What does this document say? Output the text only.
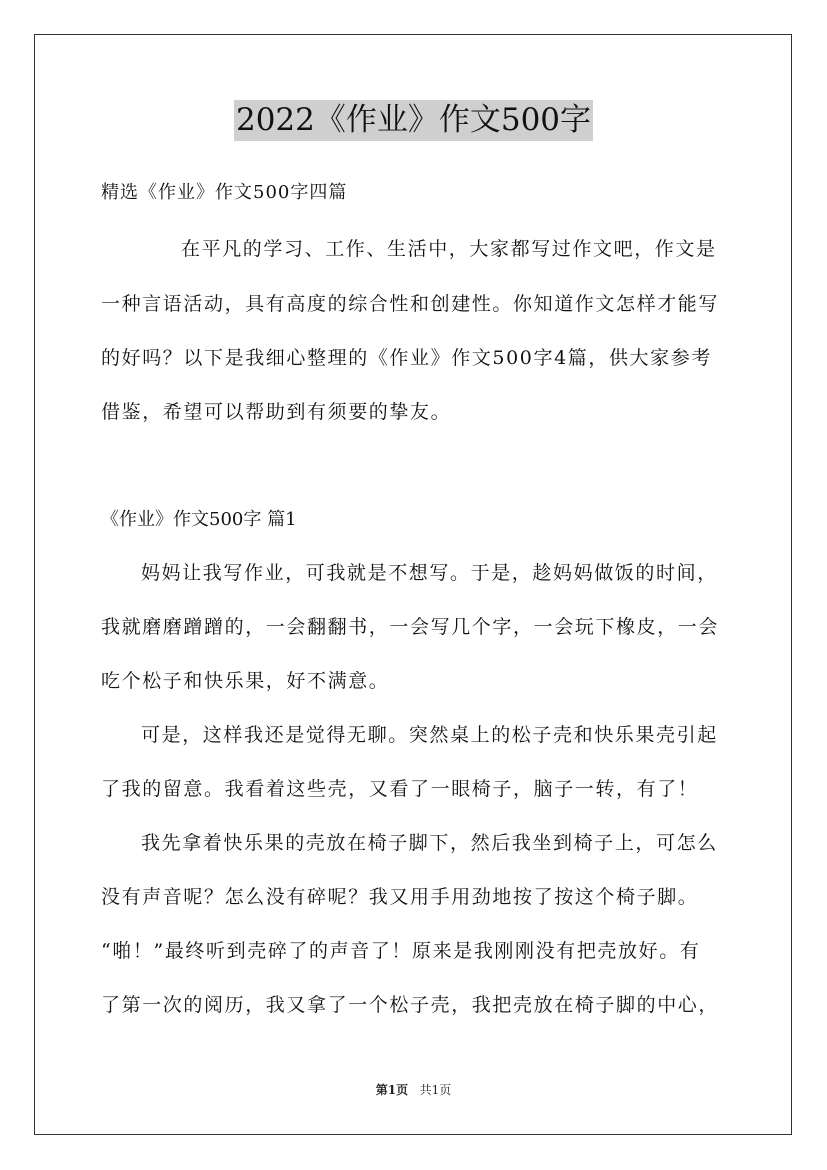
2022《作业》作文500字
精选《作业》作文500字四篇
在平凡的学习、工作、生活中，大家都写过作文吧，作文是
一种言语活动，具有高度的综合性和创建性。你知道作文怎样才能写
的好吗？以下是我细心整理的《作业》作文500字4篇，供大家参考
借鉴，希望可以帮助到有须要的挚友。
《作业》作文500字 篇1
妈妈让我写作业，可我就是不想写。于是，趁妈妈做饭的时间，
我就磨磨蹭蹭的，一会翻翻书，一会写几个字，一会玩下橡皮，一会
吃个松子和快乐果，好不满意。
可是，这样我还是觉得无聊。突然桌上的松子壳和快乐果壳引起
了我的留意。我看着这些壳，又看了一眼椅子，脑子一转，有了！
我先拿着快乐果的壳放在椅子脚下，然后我坐到椅子上，可怎么
没有声音呢？怎么没有碎呢？我又用手用劲地按了按这个椅子脚。
“啪！”最终听到壳碎了的声音了！原来是我刚刚没有把壳放好。有
了第一次的阅历，我又拿了一个松子壳，我把壳放在椅子脚的中心，
第1页 共1页
